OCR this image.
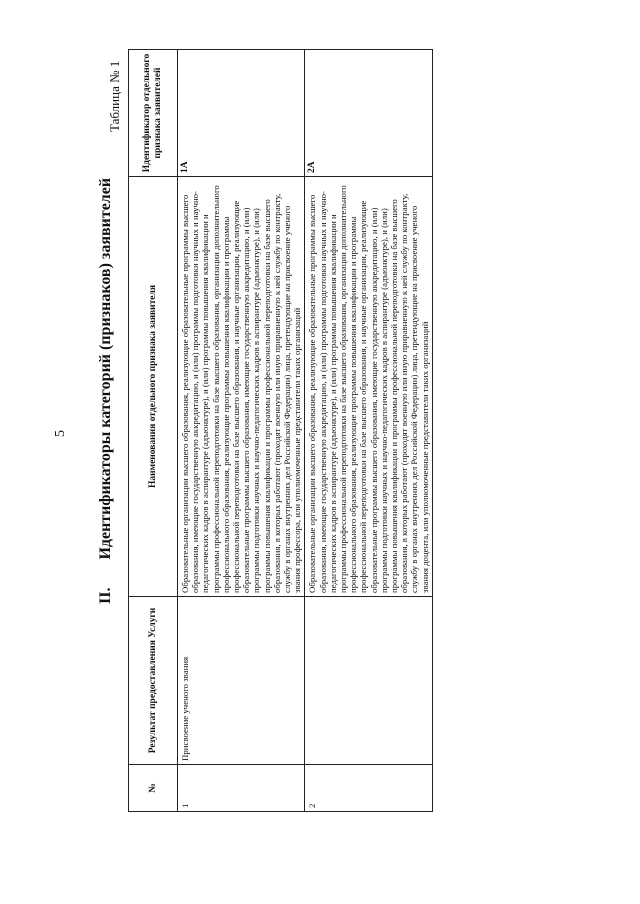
5

II.Идентификаторы категорий (признаков) заявителей

Таблица № 1

№	Результат предоставления Услуги	Наименования отдельного признака заявителя	Идентификатор отдельного признака заявителей
1	Присвоение ученого звания	Образовательные организации высшего образования, реализующие образовательные программы высшего образования, имеющие государственную аккредитацию, и (или) программы подготовки научных и научно-педагогических кадров в аспирантуре (адъюнктуре), и (или) программы повышения квалификации и программы профессиональной переподготовки на базе высшего образования, организации дополнительного профессионального образования, реализующие программы повышения квалификации и программы профессиональной переподготовки на базе высшего образования, и научные организации, реализующие образовательные программы высшего образования, имеющие государственную аккредитацию, и (или) программы подготовки научных и научно-педагогических кадров в аспирантуре (адъюнктуре), и (или) программы повышения квалификации и программы профессиональной переподготовки на базе высшего образования, в которых работают (проходят военную или иную приравненную к ней службу по контракту, службу в органах внутренних дел Российской Федерации) лица, претендующие на присвоение ученого звания профессора, или уполномоченные представители таких организаций	1А
2		Образовательные организации высшего образования, реализующие образовательные программы высшего образования, имеющие государственную аккредитацию, и (или) программы подготовки научных и научно-педагогических кадров в аспирантуре (адъюнктуре), и (или) программы повышения квалификации и программы профессиональной переподготовки на базе высшего образования, организации дополнительного профессионального образования, реализующие программы повышения квалификации и программы профессиональной переподготовки на базе высшего образования, и научные организации, реализующие образовательные программы высшего образования, имеющие государственную аккредитацию, и (или) программы подготовки научных и научно-педагогических кадров в аспирантуре (адъюнктуре), и (или) программы повышения квалификации и программы профессиональной переподготовки на базе высшего образования, в которых работают (проходят военную или иную приравненную к ней службу по контракту, службу в органах внутренних дел Российской Федерации) лица, претендующие на присвоение ученого звания доцента, или уполномоченные представители таких организаций	2А
